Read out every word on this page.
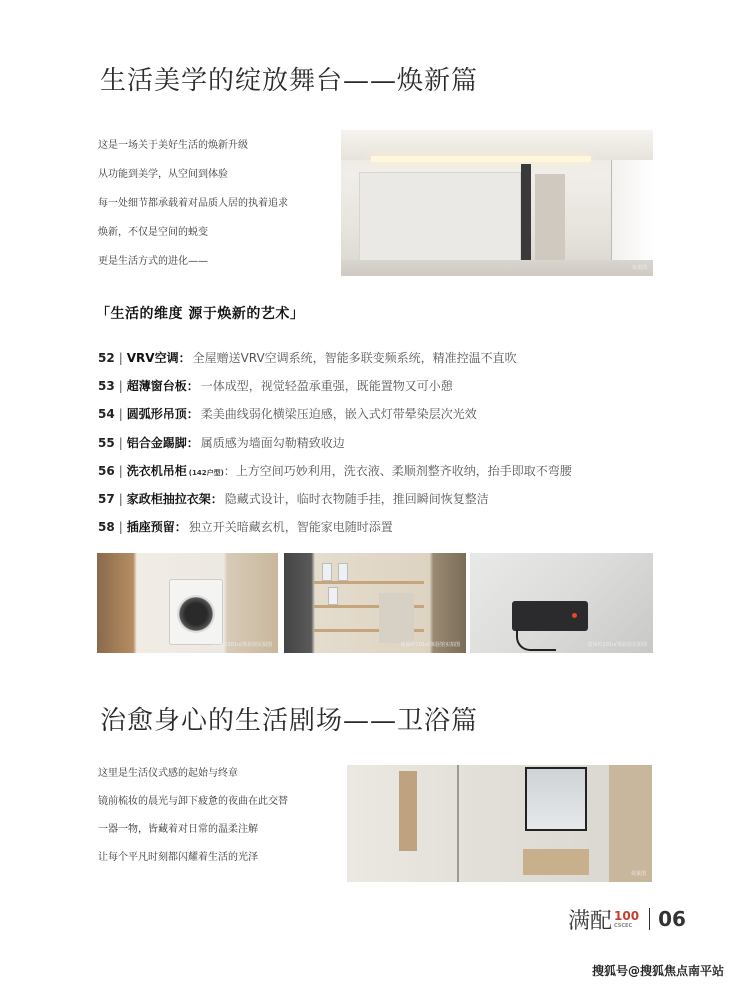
生活美学的绽放舞台——焕新篇

这是一场关于美好生活的焕新升级

从功能到美学，从空间到体验

每一处细节都承载着对品质人居的执着追求

焕新，不仅是空间的蜕变

更是生活方式的进化——

效果图
「生活的维度 源于焕新的艺术」
52 | VRV空调： 全屋赠送VRV空调系统，智能多联变频系统，精准控温不直吹
53 | 超薄窗台板： 一体成型，视觉轻盈承重强，既能置物又可小憩
54 | 圆弧形吊顶： 柔美曲线弱化横梁压迫感，嵌入式灯带晕染层次光效
55 | 铝合金踢脚： 属质感为墙面勾勒精致收边
56 | 洗衣机吊柜 (142户型)：上方空间巧妙利用，洗衣液、柔顺剂整齐收纳，抬手即取不弯腰
57 | 家政柜抽拉衣架： 隐藏式设计，临时衣物随手挂，推回瞬间恢复整洁
58 | 插座预留： 独立开关暗藏玄机，智能家电随时添置
建面约101㎡体验馆实拍图	建面约101㎡体验馆实拍图	建面约101㎡体验馆实拍图
治愈身心的生活剧场——卫浴篇

这里是生活仪式感的起始与终章

镜前梳妆的晨光与卸下疲惫的夜曲在此交替

一器一物，皆藏着对日常的温柔注解

让每个平凡时刻都闪耀着生活的光泽

效果图
满配 100
CSCEC	06
搜狐号@搜狐焦点南平站
